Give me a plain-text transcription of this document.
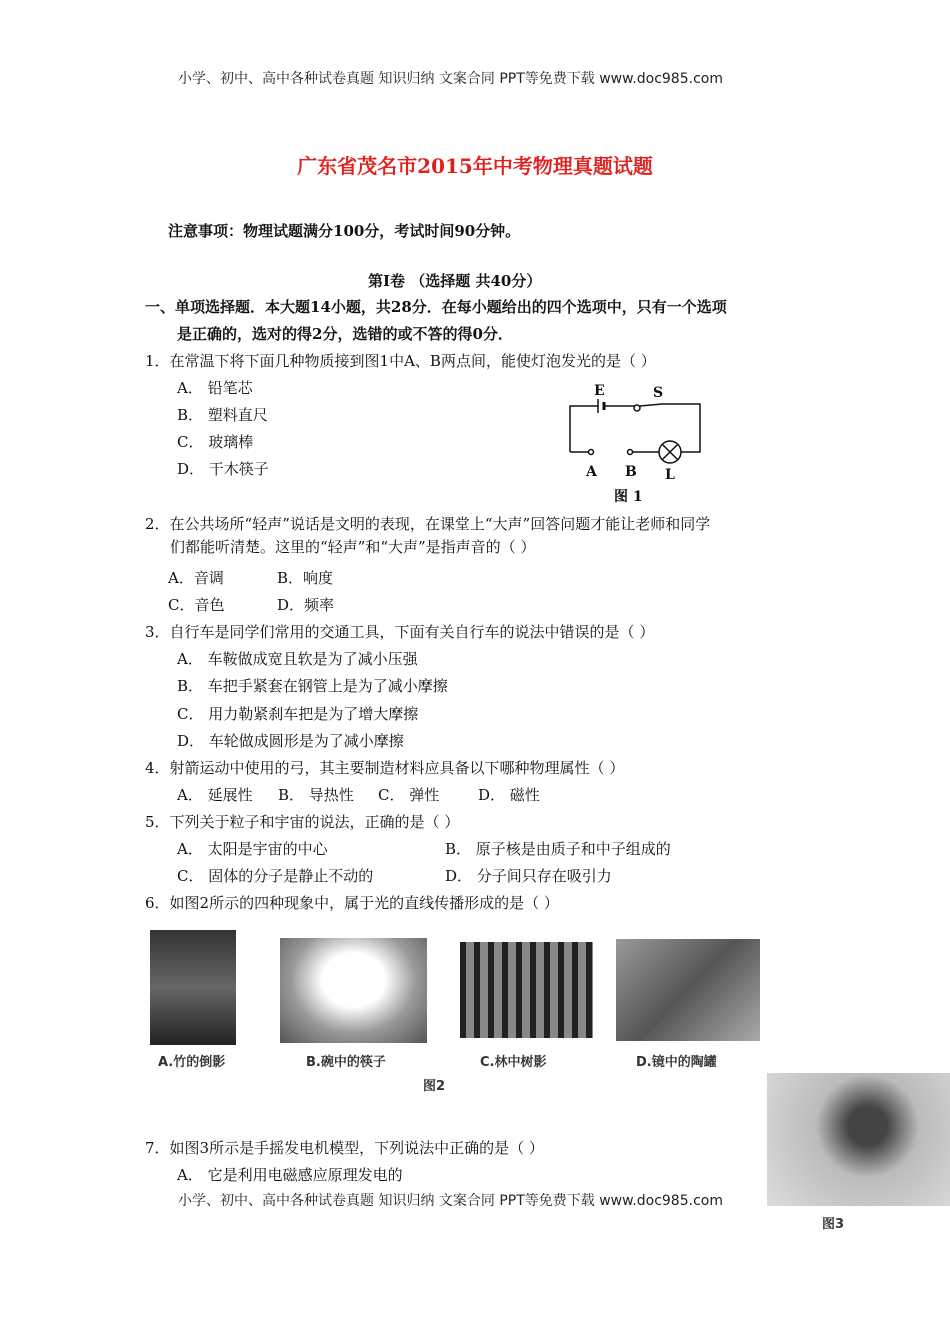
小学、初中、高中各种试卷真题 知识归纳 文案合同 PPT等免费下载 www.doc985.com
广东省茂名市2015年中考物理真题试题
注意事项：物理试题满分100分，考试时间90分钟。
第Ⅰ卷 （选择题 共40分）
一、单项选择题．本大题14小题，共28分．在每小题给出的四个选项中，只有一个选项
是正确的，选对的得2分，选错的或不答的得0分．
1．在常温下将下面几种物质接到图1中A、B两点间，能使灯泡发光的是（ ）
A． 铅笔芯
B． 塑料直尺
C． 玻璃棒
D． 干木筷子
E	S
A B L
图 1
2．在公共场所“轻声”说话是文明的表现，在课堂上“大声”回答问题才能让老师和同学
们都能听清楚。这里的“轻声”和“大声”是指声音的（ ）
A．音调	B．响度
C．音色	D．频率
3．自行车是同学们常用的交通工具，下面有关自行车的说法中错误的是（ ）
A． 车鞍做成宽且软是为了减小压强
B． 车把手紧套在钢管上是为了减小摩擦
C． 用力勒紧刹车把是为了增大摩擦
D． 车轮做成圆形是为了减小摩擦
4．射箭运动中使用的弓，其主要制造材料应具备以下哪种物理属性（ ）
A． 延展性 B． 导热性 C． 弹性	D． 磁性
5．下列关于粒子和宇宙的说法，正确的是（ ）
A． 太阳是宇宙的中心	B． 原子核是由质子和中子组成的
C． 固体的分子是静止不动的	D． 分子间只存在吸引力
6．如图2所示的四种现象中，属于光的直线传播形成的是（ ）
A.竹的倒影	B.碗中的筷子	C.林中树影	D.镜中的陶罐
图2
7．如图3所示是手摇发电机模型，下列说法中正确的是（ ）
A． 它是利用电磁感应原理发电的
图3
小学、初中、高中各种试卷真题 知识归纳 文案合同 PPT等免费下载 www.doc985.com
